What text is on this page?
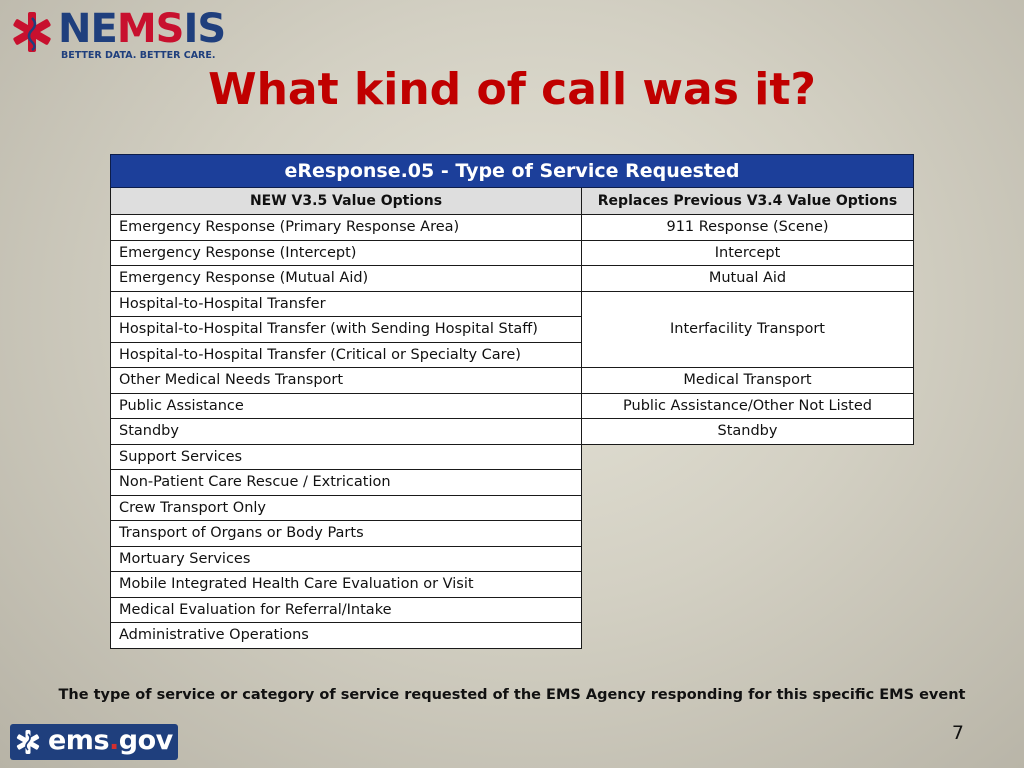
NEMSIS
BETTER DATA. BETTER CARE.
What kind of call was it?
eResponse.05 - Type of Service Requested	
NEW V3.5 Value Options	Replaces Previous V3.4 Value Options
Emergency Response (Primary Response Area)	911 Response (Scene)
Emergency Response (Intercept)	Intercept
Emergency Response (Mutual Aid)	Mutual Aid
Hospital-to-Hospital Transfer	Interfacility Transport
Hospital-to-Hospital Transfer (with Sending Hospital Staff)	
Hospital-to-Hospital Transfer (Critical or Specialty Care)	
Other Medical Needs Transport	Medical Transport
Public Assistance	Public Assistance/Other Not Listed
Standby	Standby
Support Services	
Non-Patient Care Rescue / Extrication	
Crew Transport Only	
Transport of Organs or Body Parts	
Mortuary Services	
Mobile Integrated Health Care Evaluation or Visit	
Medical Evaluation for Referral/Intake	
Administrative Operations	
The type of service or category of service requested of the EMS Agency responding for this specific EMS event
7
ems.gov
